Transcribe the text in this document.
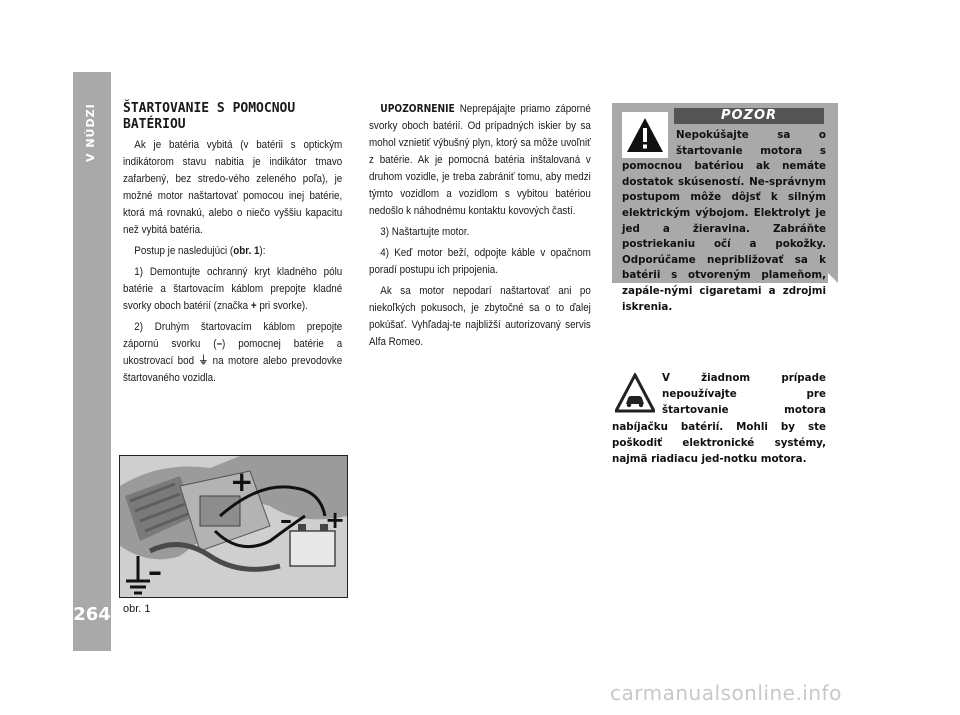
V NÚDZI
264
ŠTARTOVANIE S POMOCNOU BATÉRIOU

Ak je batéria vybitá (v batérii s optickým indikátorom stavu nabitia je indikátor tmavo zafarbený, bez stredo-vého zeleného poľa), je možné motor naštartovať pomocou inej batérie, ktorá má rovnakú, alebo o niečo vyššiu kapacitu než vybitá batéria.

Postup je nasledujúci (obr. 1):

1) Demontujte ochranný kryt kladného pólu batérie a štartovacím káblom prepojte kladné svorky oboch batérií (značka + pri svorke).

2) Druhým štartovacím káblom prepojte zápornú svorku (–) pomocnej batérie a ukostrovací bod ⏚ na motore alebo prevodovke štartovaného vozidla.

UPOZORNENIE Neprepájajte priamo záporné svorky oboch batérií. Od prípadných iskier by sa mohol vznietiť výbušný plyn, ktorý sa môže uvoľniť z batérie. Ak je pomocná batéria inštalovaná v druhom vozidle, je treba zabrániť tomu, aby medzi týmto vozidlom a vozidlom s vybitou batériou nedošlo k náhodnému kontaktu kovových častí.

3) Naštartujte motor.

4) Keď motor beží, odpojte káble v opačnom poradí postupu ich pripojenia.

Ak sa motor nepodarí naštartovať ani po niekoľkých pokusoch, je zbytočné sa o to ďalej pokúšať. Vyhľadaj-te najbližší autorizovaný servis Alfa Romeo.

+
– +
–
obr. 1
POZOR
Nepokúšajte sa o štartovanie motora s pomocnou batériou ak nemáte dostatok skúseností. Ne-správnym postupom môže dôjsť k silným elektrickým výbojom. Elektrolyt je jed a žieravina. Zabráňte postriekaniu očí a pokožky. Odporúčame nepribližovať sa k batérii s otvoreným plameňom, zapále-nými cigaretami a zdrojmi iskrenia.
V žiadnom prípade nepoužívajte pre štartovanie motora nabíjačku batérií. Mohli by ste poškodiť elektronické systémy, najmä riadiacu jed-notku motora.
carmanualsonline.info
